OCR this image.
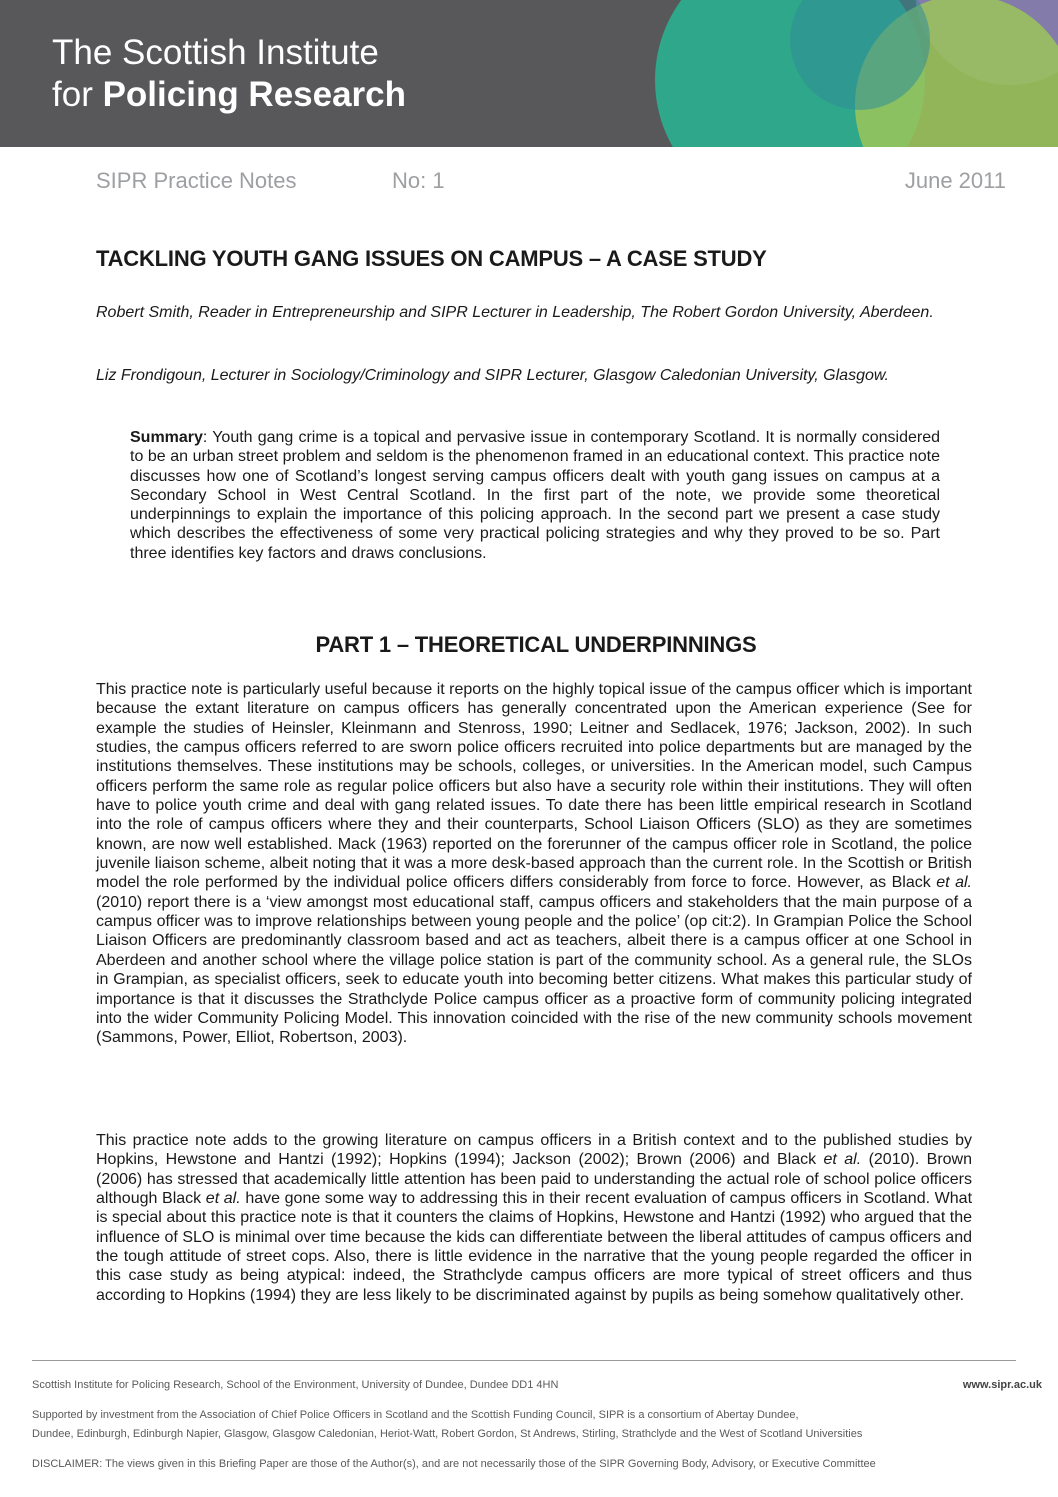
The Scottish Institute
for Policing Research
SIPR Practice Notes	No: 1	June 2011
TACKLING YOUTH GANG ISSUES ON CAMPUS – A CASE STUDY
Robert Smith, Reader in Entrepreneurship and SIPR Lecturer in Leadership, The Robert Gordon University, Aberdeen.
Liz Frondigoun, Lecturer in Sociology/Criminology and SIPR Lecturer, Glasgow Caledonian University, Glasgow.
Summary: Youth gang crime is a topical and pervasive issue in contemporary Scotland. It is normally considered to be an urban street problem and seldom is the phenomenon framed in an educational context. This practice note discusses how one of Scotland’s longest serving campus officers dealt with youth gang issues on campus at a Secondary School in West Central Scotland. In the first part of the note, we provide some theoretical underpinnings to explain the importance of this policing approach. In the second part we present a case study which describes the effectiveness of some very practical policing strategies and why they proved to be so. Part three identifies key factors and draws conclusions.
PART 1 – THEORETICAL UNDERPINNINGS
This practice note is particularly useful because it reports on the highly topical issue of the campus officer which is important because the extant literature on campus officers has generally concentrated upon the American experience (See for example the studies of Heinsler, Kleinmann and Stenross, 1990; Leitner and Sedlacek, 1976; Jackson, 2002). In such studies, the campus officers referred to are sworn police officers recruited into police departments but are managed by the institutions themselves. These institutions may be schools, colleges, or universities. In the American model, such Campus officers perform the same role as regular police officers but also have a security role within their institutions. They will often have to police youth crime and deal with gang related issues. To date there has been little empirical research in Scotland into the role of campus officers where they and their counterparts, School Liaison Officers (SLO) as they are sometimes known, are now well established. Mack (1963) reported on the forerunner of the campus officer role in Scotland, the police juvenile liaison scheme, albeit noting that it was a more desk-based approach than the current role. In the Scottish or British model the role performed by the individual police officers differs considerably from force to force. However, as Black et al. (2010) report there is a ‘view amongst most educational staff, campus officers and stakeholders that the main purpose of a campus officer was to improve relationships between young people and the police’ (op cit:2). In Grampian Police the School Liaison Officers are predominantly classroom based and act as teachers, albeit there is a campus officer at one School in Aberdeen and another school where the village police station is part of the community school. As a general rule, the SLOs in Grampian, as specialist officers, seek to educate youth into becoming better citizens. What makes this particular study of importance is that it discusses the Strathclyde Police campus officer as a proactive form of community policing integrated into the wider Community Policing Model. This innovation coincided with the rise of the new community schools movement (Sammons, Power, Elliot, Robertson, 2003).
This practice note adds to the growing literature on campus officers in a British context and to the published studies by Hopkins, Hewstone and Hantzi (1992); Hopkins (1994); Jackson (2002); Brown (2006) and Black et al. (2010). Brown (2006) has stressed that academically little attention has been paid to understanding the actual role of school police officers although Black et al. have gone some way to addressing this in their recent evaluation of campus officers in Scotland. What is special about this practice note is that it counters the claims of Hopkins, Hewstone and Hantzi (1992) who argued that the influence of SLO is minimal over time because the kids can differentiate between the liberal attitudes of campus officers and the tough attitude of street cops. Also, there is little evidence in the narrative that the young people regarded the officer in this case study as being atypical: indeed, the Strathclyde campus officers are more typical of street officers and thus according to Hopkins (1994) they are less likely to be discriminated against by pupils as being somehow qualitatively other.
Scottish Institute for Policing Research, School of the Environment, University of Dundee, Dundee DD1 4HN	www.sipr.ac.uk
Supported by investment from the Association of Chief Police Officers in Scotland and the Scottish Funding Council, SIPR is a consortium of Abertay Dundee,
Dundee, Edinburgh, Edinburgh Napier, Glasgow, Glasgow Caledonian, Heriot-Watt, Robert Gordon, St Andrews, Stirling, Strathclyde and the West of Scotland Universities
DISCLAIMER: The views given in this Briefing Paper are those of the Author(s), and are not necessarily those of the SIPR Governing Body, Advisory, or Executive Committee
